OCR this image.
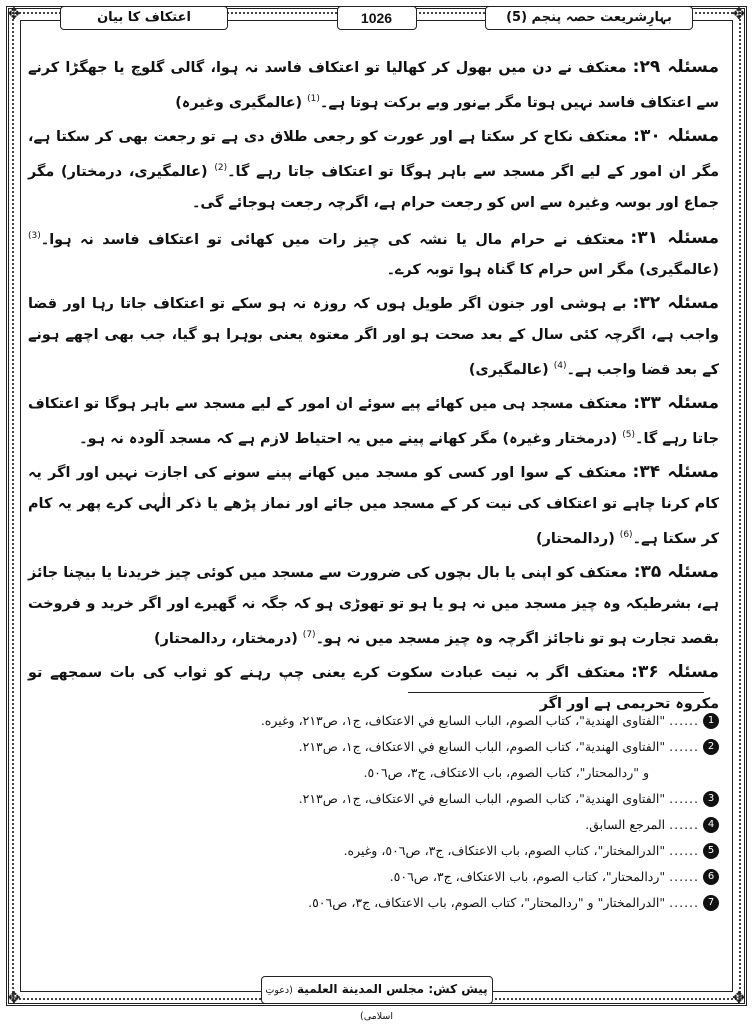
✥	✥
✥	✥
بہارِشریعت حصہ پنجم (5)
1026
اعتکاف کا بیان

مسئلہ ۲۹:معتکف نے دن میں بھول کر کھالیا تو اعتکاف فاسد نہ ہوا، گالی گلوچ یا جھگڑا کرنے سے اعتکاف فاسد نہیں ہوتا مگر بےنور وبے برکت ہوتا ہے۔$^{(1)}$ (عالمگیری وغیرہ)

مسئلہ ۳۰:معتکف نکاح کر سکتا ہے اور عورت کو رجعی طلاق دی ہے تو رجعت بھی کر سکتا ہے، مگر ان امور کے لیے اگر مسجد سے باہر ہوگا تو اعتکاف جاتا رہے گا۔$^{(2)}$ (عالمگیری، درمختار) مگر جماع اور بوسہ وغیرہ سے اس کو رجعت حرام ہے، اگرچہ رجعت ہوجائے گی۔

مسئلہ ۳۱:معتکف نے حرام مال یا نشہ کی چیز رات میں کھائی تو اعتکاف فاسد نہ ہوا۔$^{(3)}$ (عالمگیری) مگر اس حرام کا گناہ ہوا توبہ کرے۔

مسئلہ ۳۲:بے ہوشی اور جنون اگر طویل ہوں کہ روزہ نہ ہو سکے تو اعتکاف جاتا رہا اور قضا واجب ہے، اگرچہ کئی سال کے بعد صحت ہو اور اگر معتوہ یعنی بوہرا ہو گیا، جب بھی اچھے ہونے کے بعد قضا واجب ہے۔$^{(4)}$ (عالمگیری)

مسئلہ ۳۳:معتکف مسجد ہی میں کھائے پیے سوئے ان امور کے لیے مسجد سے باہر ہوگا تو اعتکاف جاتا رہے گا۔$^{(5)}$ (درمختار وغیرہ) مگر کھانے پینے میں یہ احتیاط لازم ہے کہ مسجد آلودہ نہ ہو۔

مسئلہ ۳۴:معتکف کے سوا اور کسی کو مسجد میں کھانے پینے سونے کی اجازت نہیں اور اگر یہ کام کرنا چاہے تو اعتکاف کی نیت کر کے مسجد میں جائے اور نماز پڑھے یا ذکر الٰہی کرے پھر یہ کام کر سکتا ہے۔$^{(6)}$ (ردالمحتار)

مسئلہ ۳۵:معتکف کو اپنی یا بال بچوں کی ضرورت سے مسجد میں کوئی چیز خریدنا یا بیچنا جائز ہے، بشرطیکہ وہ چیز مسجد میں نہ ہو یا ہو تو تھوڑی ہو کہ جگہ نہ گھیرے اور اگر خرید و فروخت بقصد تجارت ہو تو ناجائز اگرچہ وہ چیز مسجد میں نہ ہو۔$^{(7)}$ (درمختار، ردالمحتار)

مسئلہ ۳۶:معتکف اگر بہ نیت عبادت سکوت کرے یعنی چپ رہنے کو ثواب کی بات سمجھے تو مکروہ تحریمی ہے اور اگر

1
......
"الفتاوى الهندية"، كتاب الصوم، الباب السابع في الاعتكاف، ج١، ص٢١٣، وغيره.
2
......
"الفتاوى الهندية"، كتاب الصوم، الباب السابع في الاعتكاف، ج١، ص٢١٣.
و "ردالمحتار"، كتاب الصوم، باب الاعتكاف، ج٣، ص٥٠٦.
3
......
"الفتاوى الهندية"، كتاب الصوم، الباب السابع في الاعتكاف، ج١، ص٢١٣.
4
......
المرجع السابق.
5
......
"الدرالمختار"، كتاب الصوم، باب الاعتكاف، ج٣، ص٥٠٦، وغيره.
6
......
"ردالمحتار"، كتاب الصوم، باب الاعتكاف، ج٣، ص٥٠٦.
7
......
"الدرالمختار" و "ردالمحتار"، كتاب الصوم، باب الاعتكاف، ج٣، ص٥٠٦.
پیش کش: مجلس المدينة العلمية (دعوتِ اسلامی)
